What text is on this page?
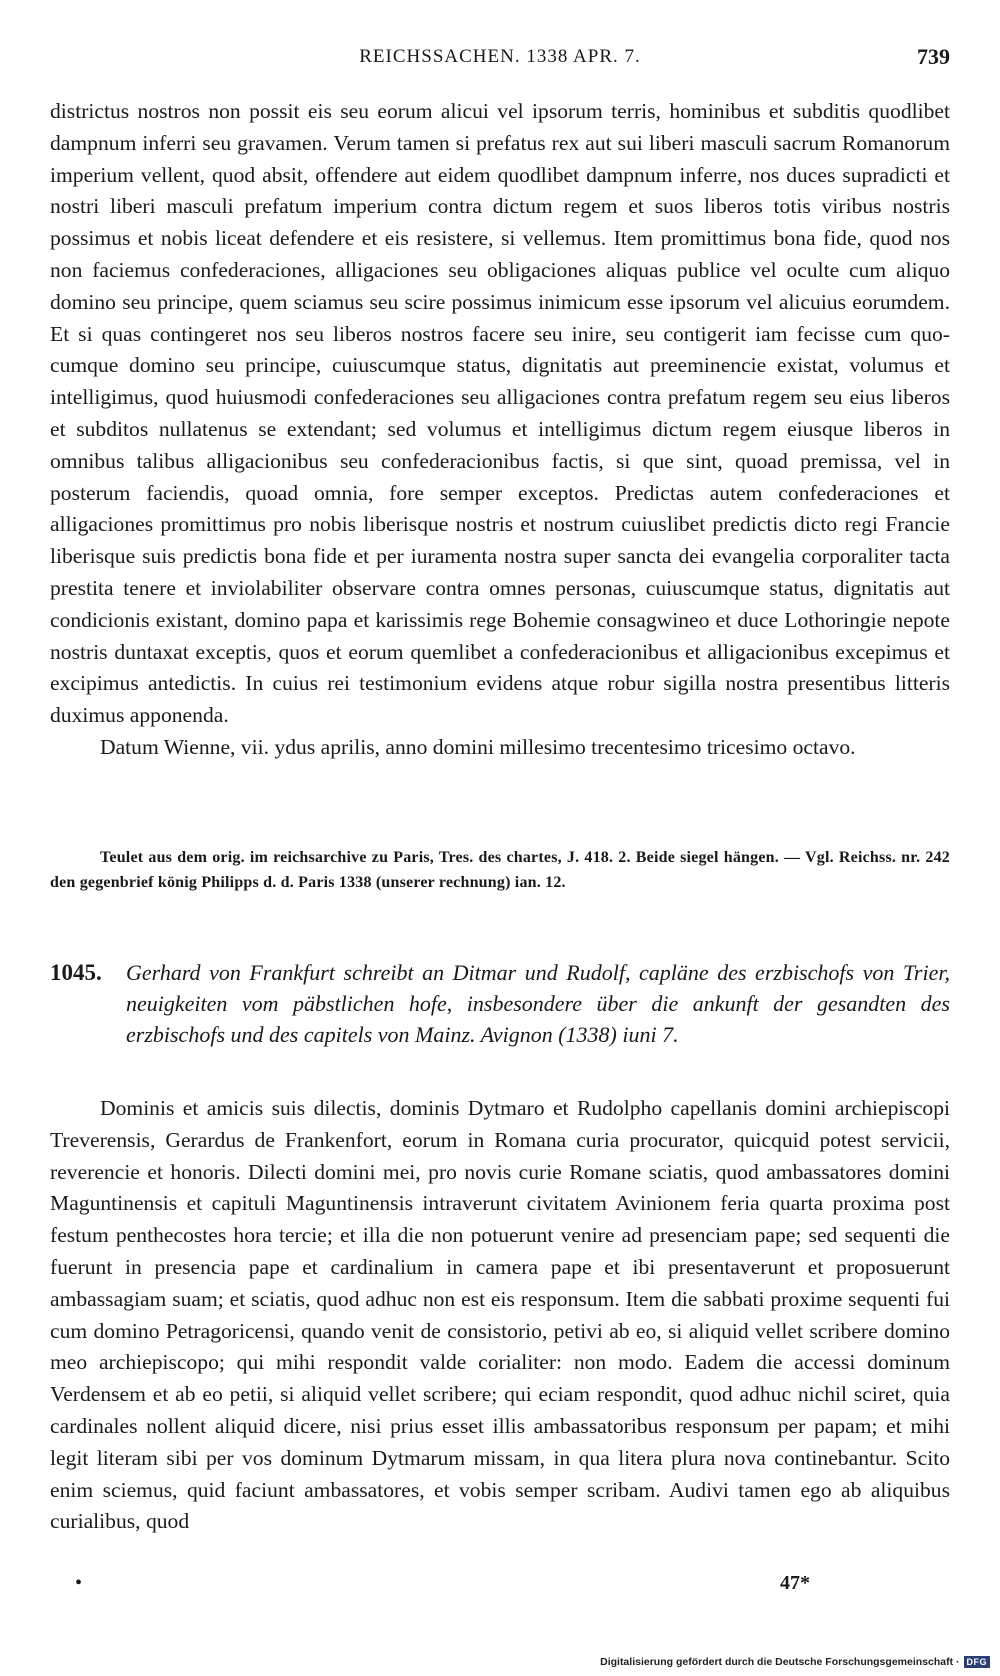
REICHSSACHEN. 1338 APR. 7.	739

districtus nostros non possit eis seu eorum alicui vel ipsorum terris, hominibus et subditis quodlibet dampnum inferri seu gravamen. Verum tamen si prefatus rex aut sui liberi masculi sacrum Romanorum imperium vellent, quod absit, offendere aut eidem quodlibet dampnum inferre, nos duces supradicti et nostri liberi masculi prefatum imperium contra dictum regem et suos liberos totis viribus nostris possimus et nobis liceat defendere et eis resistere, si vellemus. Item promittimus bona fide, quod nos non faciemus confederaciones, alligaciones seu obligaciones aliquas publice vel oculte cum aliquo domino seu principe, quem sciamus seu scire possimus inimicum esse ipsorum vel alicuius eorumdem. Et si quas contingeret nos seu liberos nostros facere seu inire, seu contigerit iam fecisse cum quocumque domino seu principe, cuiuscumque status, dignitatis aut preeminencie existat, volumus et intelligimus, quod huiusmodi confederaciones seu alligaciones contra prefatum regem seu eius liberos et subditos nullatenus se extendant; sed volumus et intelligimus dictum regem eiusque liberos in omnibus talibus alligacionibus seu confederacionibus factis, si que sint, quoad premissa, vel in posterum faciendis, quoad omnia, fore semper exceptos. Predictas autem confederaciones et alligaciones promittimus pro nobis liberisque nostris et nostrum cuiuslibet predictis dicto regi Francie liberisque suis predictis bona fide et per iuramenta nostra super sancta dei evangelia corporaliter tacta prestita tenere et inviolabiliter observare contra omnes personas, cuiuscumque status, dignitatis aut condicionis existant, domino papa et karissimis rege Bohemie consagwineo et duce Lothoringie nepote nostris duntaxat exceptis, quos et eorum quemlibet a confederacionibus et alligacionibus excepimus et excipimus antedictis. In cuius rei testimonium evidens atque robur sigilla nostra presentibus litteris duximus apponenda.

Datum Wienne, vii. ydus aprilis, anno domini millesimo trecentesimo tricesimo octavo.

Teulet aus dem orig. im reichsarchive zu Paris, Tres. des chartes, J. 418. 2. Beide siegel hängen. — Vgl. Reichss. nr. 242 den gegenbrief könig Philipps d. d. Paris 1338 (unserer rechnung) ian. 12.
1045. Gerhard von Frankfurt schreibt an Ditmar und Rudolf, capläne des erzbischofs von Trier, neuigkeiten vom päbstlichen hofe, insbesondere über die ankunft der gesandten des erzbischofs und des capitels von Mainz. Avignon (1338) iuni 7.

Dominis et amicis suis dilectis, dominis Dytmaro et Rudolpho capellanis domini archiepiscopi Treverensis, Gerardus de Frankenfort, eorum in Romana curia procurator, quicquid potest servicii, reverencie et honoris. Dilecti domini mei, pro novis curie Romane sciatis, quod ambassatores domini Maguntinensis et capituli Maguntinensis intraverunt civitatem Avinionem feria quarta proxima post festum penthecostes hora tercie; et illa die non potuerunt venire ad presenciam pape; sed sequenti die fuerunt in presencia pape et cardinalium in camera pape et ibi presentaverunt et proposuerunt ambassagiam suam; et sciatis, quod adhuc non est eis responsum. Item die sabbati proxime sequenti fui cum domino Petragoricensi, quando venit de consistorio, petivi ab eo, si aliquid vellet scribere domino meo archiepiscopo; qui mihi respondit valde corialiter: non modo. Eadem die accessi dominum Verdensem et ab eo petii, si aliquid vellet scribere; qui eciam respondit, quod adhuc nichil sciret, quia cardinales nollent aliquid dicere, nisi prius esset illis ambassatoribus responsum per papam; et mihi legit literam sibi per vos dominum Dytmarum missam, in qua litera plura nova continebantur. Scito enim sciemus, quid faciunt ambassatores, et vobis semper scribam. Audivi tamen ego ab aliquibus curialibus, quod

•	47*
Digitalisierung gefördert durch die Deutsche Forschungsgemeinschaft · DFG
